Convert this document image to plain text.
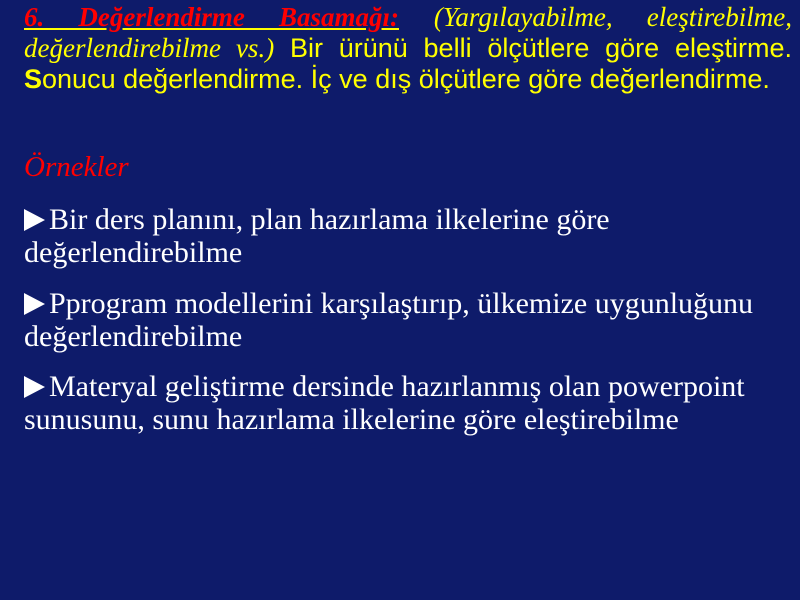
6. Değerlendirme Basamağı: (Yargılayabilme, eleştirebilme, değerlendirebilme vs.) Bir ürünü belli ölçütlere göre eleştirme. Sonucu değerlendirme. İç ve dış ölçütlere göre değerlendirme.

Örnekler

Bir ders planını, plan hazırlama ilkelerine göre değerlendirebilme
Pprogram modellerini karşılaştırıp, ülkemize uygunluğunu değerlendirebilme
Materyal geliştirme dersinde hazırlanmış olan powerpoint sunusunu, sunu hazırlama ilkelerine göre eleştirebilme
